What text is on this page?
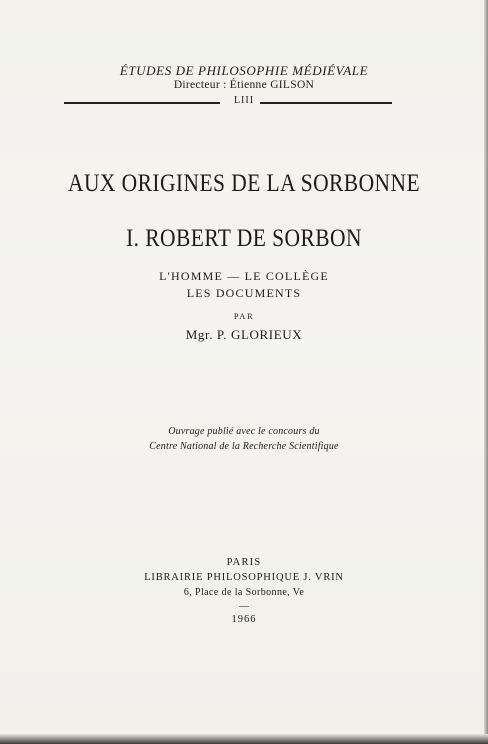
ÉTUDES DE PHILOSOPHIE MÉDIÉVALE
Directeur : Étienne GILSON
LIII
AUX ORIGINES DE LA SORBONNE
I. ROBERT DE SORBON
L'HOMME — LE COLLÈGE
LES DOCUMENTS
PAR
Mgr. P. GLORIEUX
Ouvrage publié avec le concours du
Centre National de la Recherche Scientifique
PARIS
LIBRAIRIE PHILOSOPHIQUE J. VRIN
6, Place de la Sorbonne, Ve
—
1966
